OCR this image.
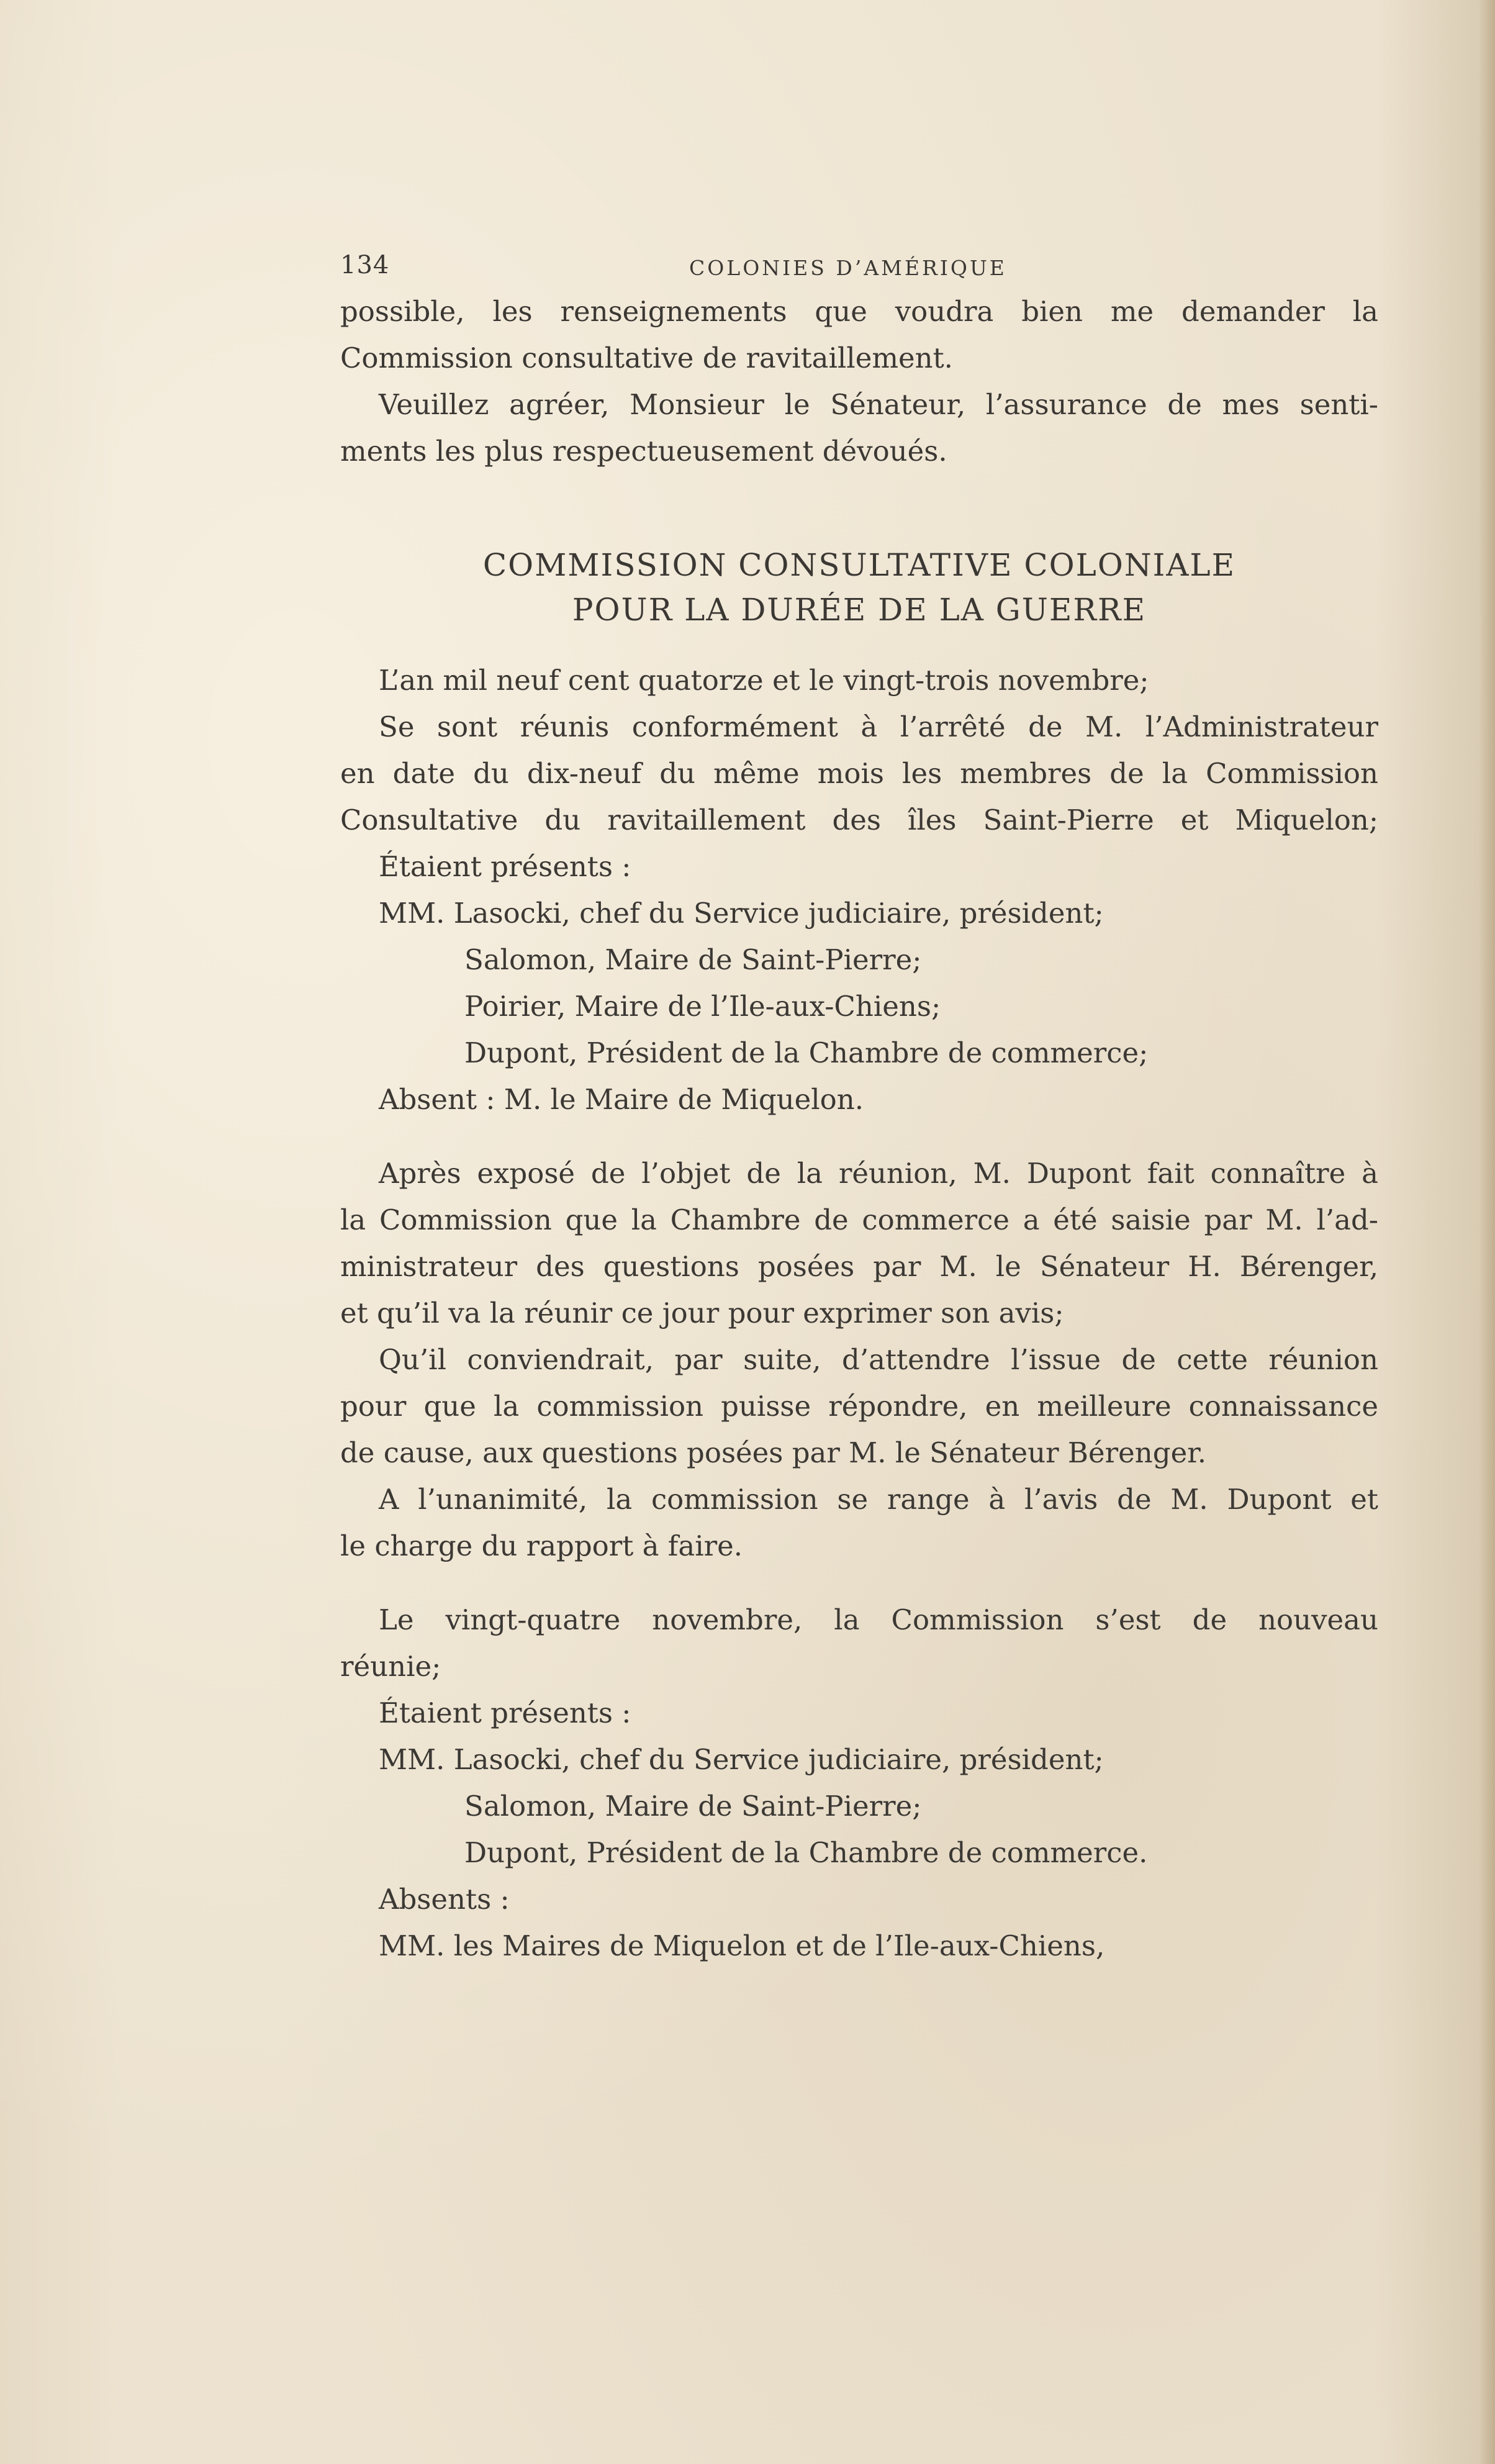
134	COLONIES D’AMÉRIQUE

possible, les renseignements que voudra bien me demander la

Commission consultative de ravitaillement.

Veuillez agréer, Monsieur le Sénateur, l’assurance de mes senti-

ments les plus respectueusement dévoués.

COMMISSION CONSULTATIVE COLONIALE
POUR LA DURÉE DE LA GUERRE

L’an mil neuf cent quatorze et le vingt-trois novembre;

Se sont réunis conformément à l’arrêté de M. l’Administrateur

en date du dix-neuf du même mois les membres de la Commission

Consultative du ravitaillement des îles Saint-Pierre et Miquelon;

Étaient présents :

MM. Lasocki, chef du Service judiciaire, président;

Salomon, Maire de Saint-Pierre;

Poirier, Maire de l’Ile-aux-Chiens;

Dupont, Président de la Chambre de commerce;

Absent : M. le Maire de Miquelon.

Après exposé de l’objet de la réunion, M. Dupont fait connaître à

la Commission que la Chambre de commerce a été saisie par M. l’ad-

ministrateur des questions posées par M. le Sénateur H. Bérenger,

et qu’il va la réunir ce jour pour exprimer son avis;

Qu’il conviendrait, par suite, d’attendre l’issue de cette réunion

pour que la commission puisse répondre, en meilleure connaissance

de cause, aux questions posées par M. le Sénateur Bérenger.

A l’unanimité, la commission se range à l’avis de M. Dupont et

le charge du rapport à faire.

Le vingt-quatre novembre, la Commission s’est de nouveau

réunie;

Étaient présents :

MM. Lasocki, chef du Service judiciaire, président;

Salomon, Maire de Saint-Pierre;

Dupont, Président de la Chambre de commerce.

Absents :

MM. les Maires de Miquelon et de l’Ile-aux-Chiens,
